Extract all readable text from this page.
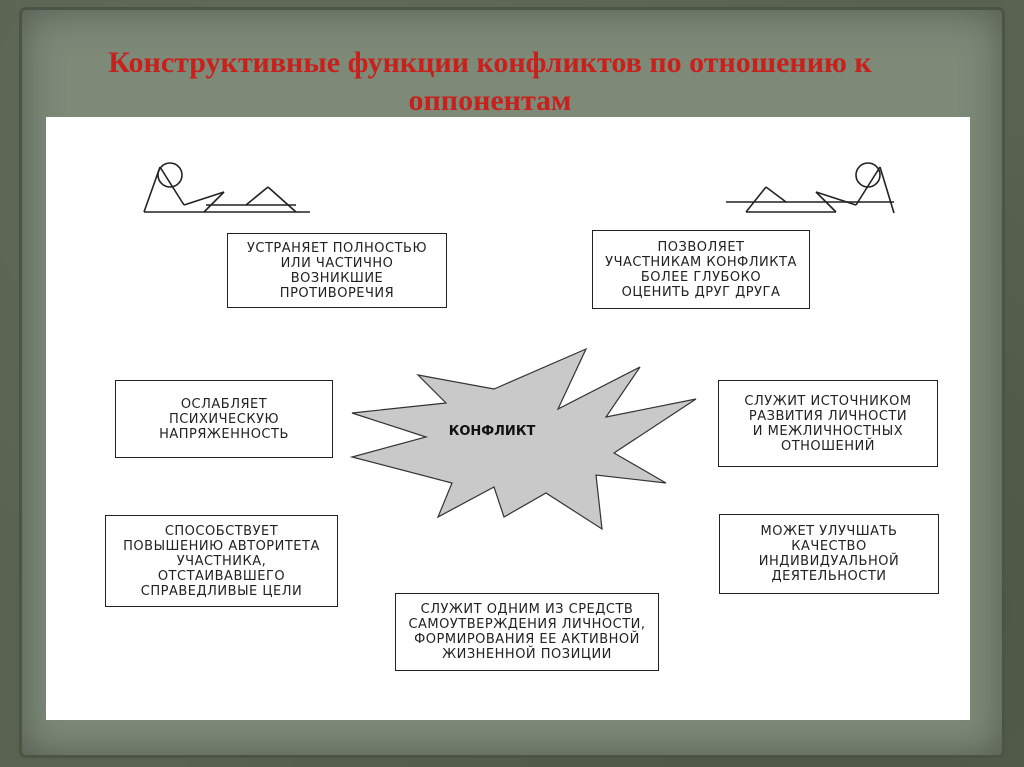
Конструктивные функции конфликтов по отношению к оппонентам
КОНФЛИКТ
УСТРАНЯЕТ ПОЛНОСТЬЮ
ИЛИ ЧАСТИЧНО
ВОЗНИКШИЕ
ПРОТИВОРЕЧИЯ
ПОЗВОЛЯЕТ
УЧАСТНИКАМ КОНФЛИКТА
БОЛЕЕ ГЛУБОКО
ОЦЕНИТЬ ДРУГ ДРУГА
ОСЛАБЛЯЕТ
ПСИХИЧЕСКУЮ
НАПРЯЖЕННОСТЬ
СЛУЖИТ ИСТОЧНИКОМ
РАЗВИТИЯ ЛИЧНОСТИ
И МЕЖЛИЧНОСТНЫХ
ОТНОШЕНИЙ
СПОСОБСТВУЕТ
ПОВЫШЕНИЮ АВТОРИТЕТА
УЧАСТНИКА,
ОТСТАИВАВШЕГО
СПРАВЕДЛИВЫЕ ЦЕЛИ
МОЖЕТ УЛУЧШАТЬ
КАЧЕСТВО
ИНДИВИДУАЛЬНОЙ
ДЕЯТЕЛЬНОСТИ
СЛУЖИТ ОДНИМ ИЗ СРЕДСТВ
САМОУТВЕРЖДЕНИЯ ЛИЧНОСТИ,
ФОРМИРОВАНИЯ ЕЕ АКТИВНОЙ
ЖИЗНЕННОЙ ПОЗИЦИИ
